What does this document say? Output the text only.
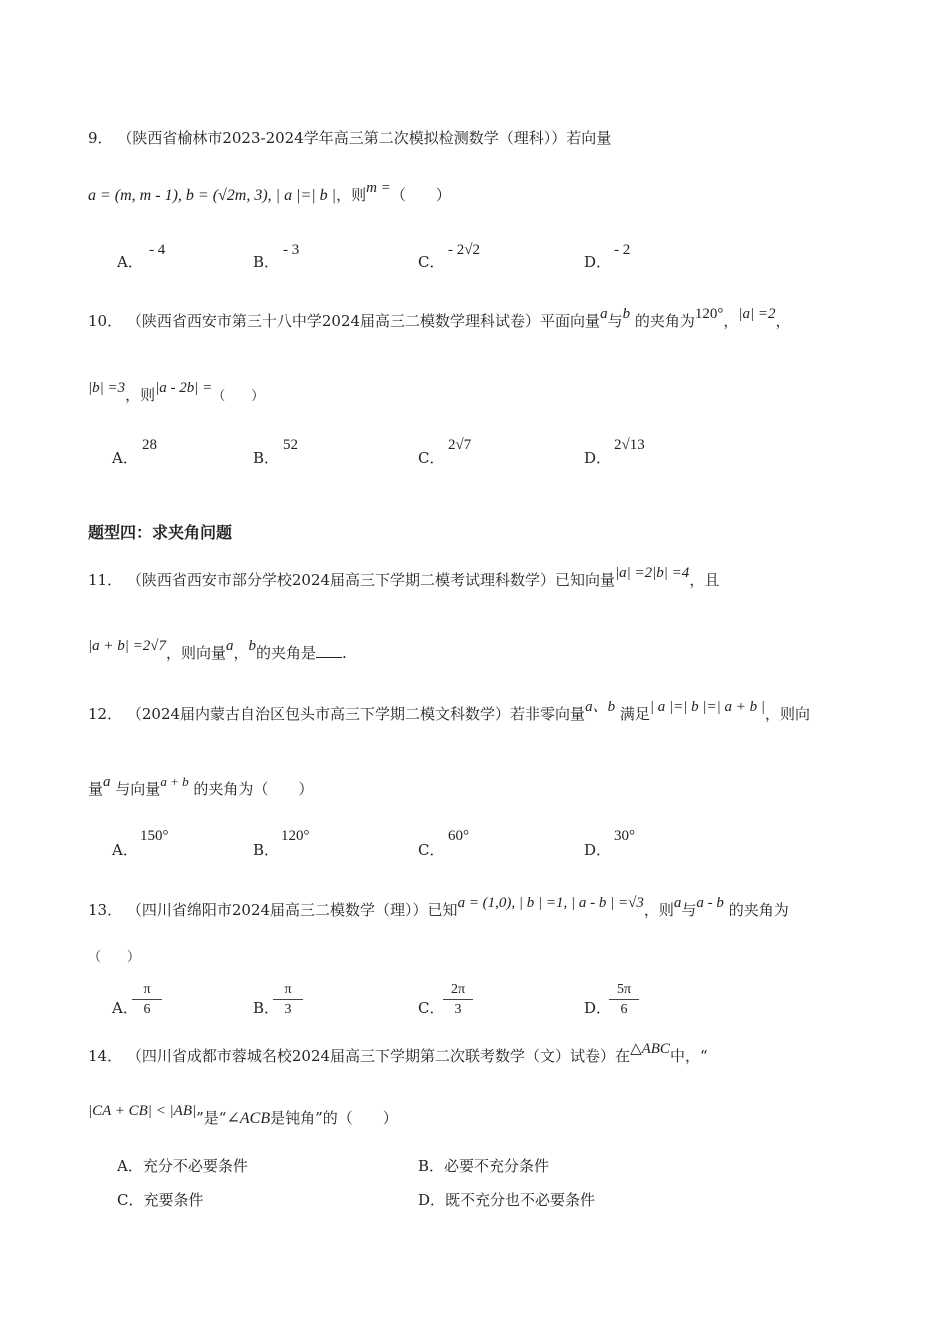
9． （陕西省榆林市2023-2024学年高三第二次模拟检测数学（理科））若向量
a = (m, m - 1), b = (√2m, 3), | a |=| b |，则m =（　　）
A．
- 4
B．
- 3
C．
- 2√2
D．
- 2
10． （陕西省西安市第三十八中学2024届高三二模数学理科试卷）平面向量a与b 的夹角为120°，|a| =2，
|b| =3，则|a - 2b| =（　　）
A．
28
B．
52
C．
2√7
D．
2√13
题型四：求夹角问题
11． （陕西省西安市部分学校2024届高三下学期二模考试理科数学）已知向量|a| =2|b| =4，且
|a + b| =2√7，则向量a，b的夹角是 .
12． （2024届内蒙古自治区包头市高三下学期二模文科数学）若非零向量a、b 满足| a |=| b |=| a + b |，则向
量a 与向量a + b 的夹角为（　　）
A．
150°
B．
120°
C．
60°
D．
30°
13． （四川省绵阳市2024届高三二模数学（理））已知a = (1,0), | b | =1, | a - b | =√3，则a与a - b 的夹角为
（　　）
A．
$\frac{\pi}{6}$	B．
$\frac{\pi}{3}$	C．
$\frac{2\pi}{3}$	D．
$\frac{5\pi}{6}$
14． （四川省成都市蓉城名校2024届高三下学期第二次联考数学（文）试卷）在△ABC中，“
|CA + CB| < |AB|”是“∠ACB是钝角”的（　　）
A．充分不必要条件	B．必要不充分条件
C．充要条件	D．既不充分也不必要条件
